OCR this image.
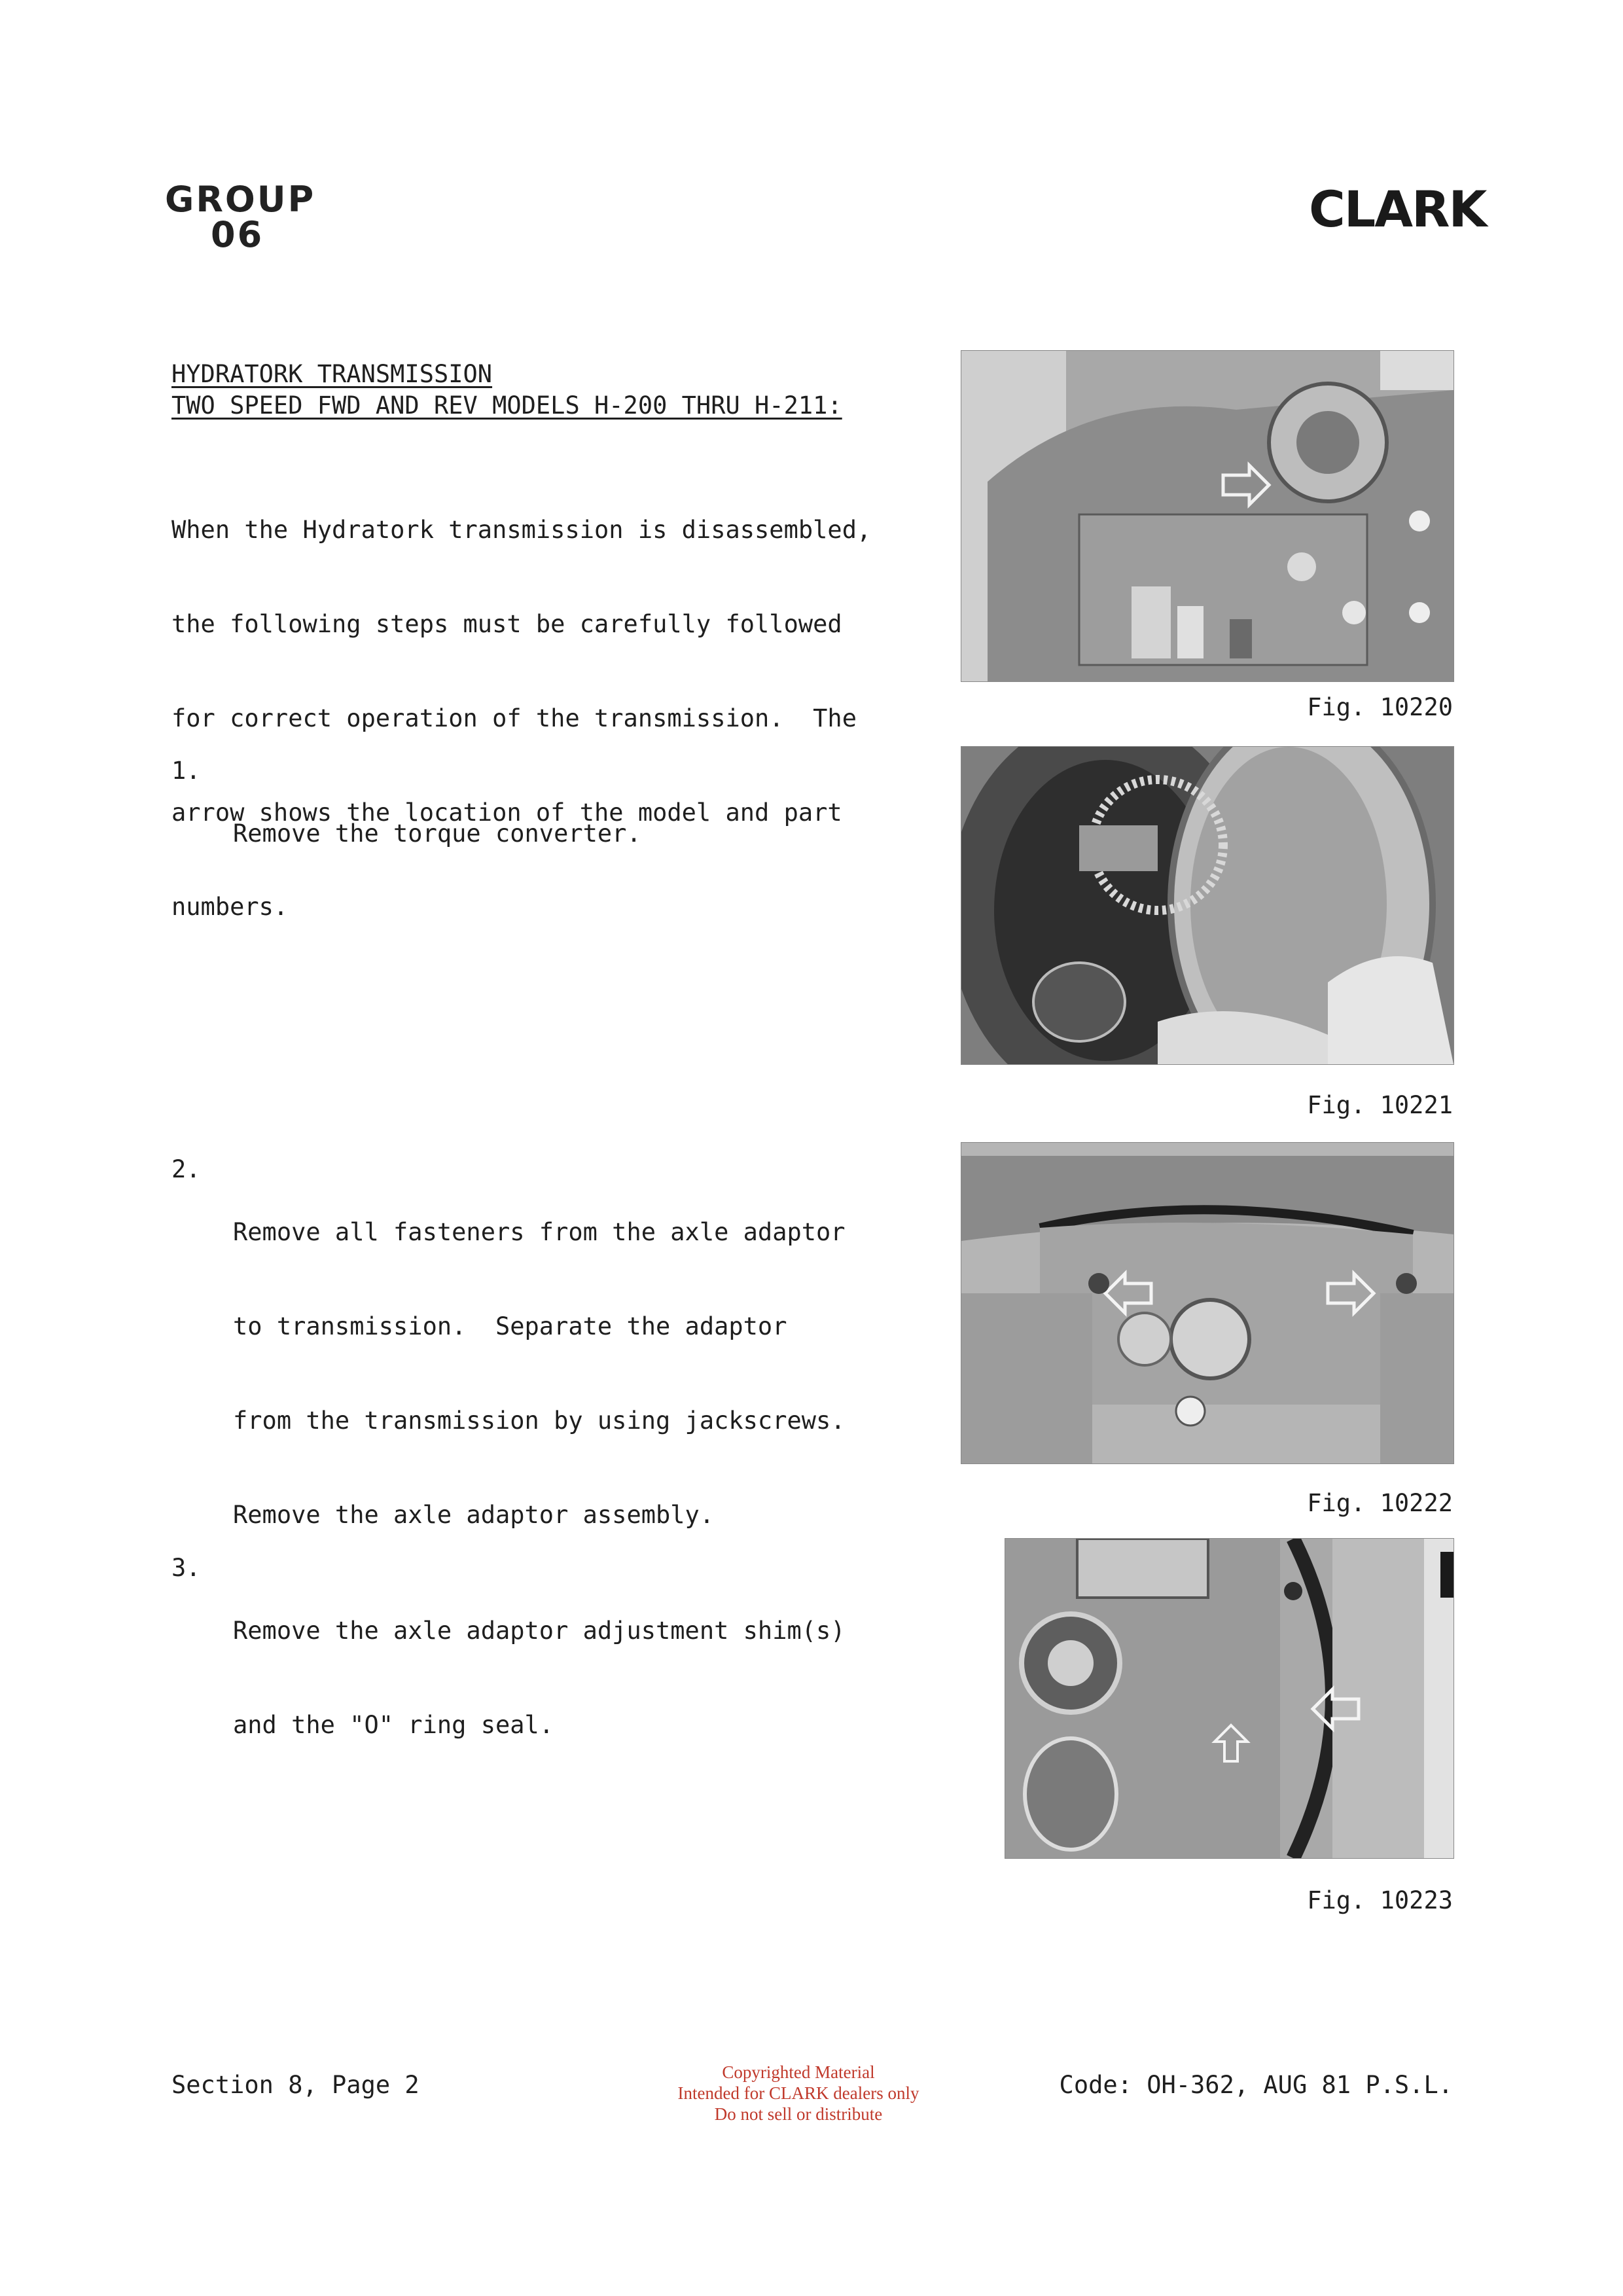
GROUP
06	CLARK
HYDRATORK TRANSMISSION
TWO SPEED FWD AND REV MODELS H-200 THRU H-211:

When the Hydratork transmission is disassembled,

the following steps must be carefully followed

for correct operation of the transmission.  The

arrow shows the location of the model and part

numbers.

1.

Remove the torque converter.

2.

Remove all fasteners from the axle adaptor

to transmission.  Separate the adaptor

from the transmission by using jackscrews.

Remove the axle adaptor assembly.

3.

Remove the axle adaptor adjustment shim(s)

and the "O" ring seal.

Fig. 10220
Fig. 10221
Fig. 10222
Fig. 10223
Section 8, Page 2	Copyrighted Material
Intended for CLARK dealers only
Do not sell or distribute
Code: OH-362, AUG 81 P.S.L.
